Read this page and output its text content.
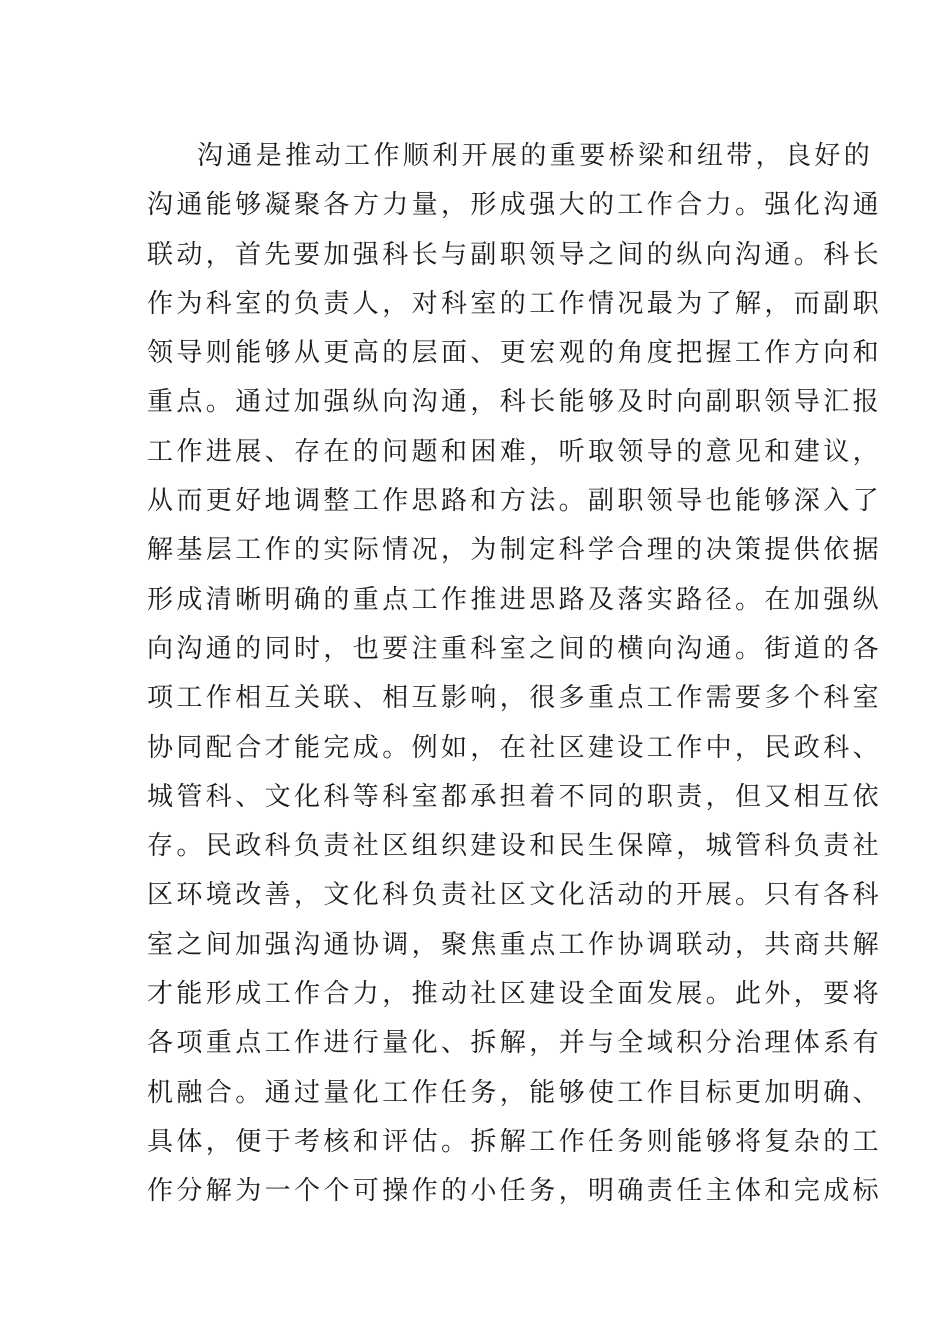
沟通是推动工作顺利开展的重要桥梁和纽带，良好的
沟通能够凝聚各方力量，形成强大的工作合力。强化沟通
联动，首先要加强科长与副职领导之间的纵向沟通。科长
作为科室的负责人，对科室的工作情况最为了解，而副职
领导则能够从更高的层面、更宏观的角度把握工作方向和
重点。通过加强纵向沟通，科长能够及时向副职领导汇报
工作进展、存在的问题和困难，听取领导的意见和建议，
从而更好地调整工作思路和方法。副职领导也能够深入了
解基层工作的实际情况，为制定科学合理的决策提供依据
形成清晰明确的重点工作推进思路及落实路径。在加强纵
向沟通的同时，也要注重科室之间的横向沟通。街道的各
项工作相互关联、相互影响，很多重点工作需要多个科室
协同配合才能完成。例如，在社区建设工作中，民政科、
城管科、文化科等科室都承担着不同的职责，但又相互依
存。民政科负责社区组织建设和民生保障，城管科负责社
区环境改善，文化科负责社区文化活动的开展。只有各科
室之间加强沟通协调，聚焦重点工作协调联动，共商共解
才能形成工作合力，推动社区建设全面发展。此外，要将
各项重点工作进行量化、拆解，并与全域积分治理体系有
机融合。通过量化工作任务，能够使工作目标更加明确、
具体，便于考核和评估。拆解工作任务则能够将复杂的工
作分解为一个个可操作的小任务，明确责任主体和完成标
